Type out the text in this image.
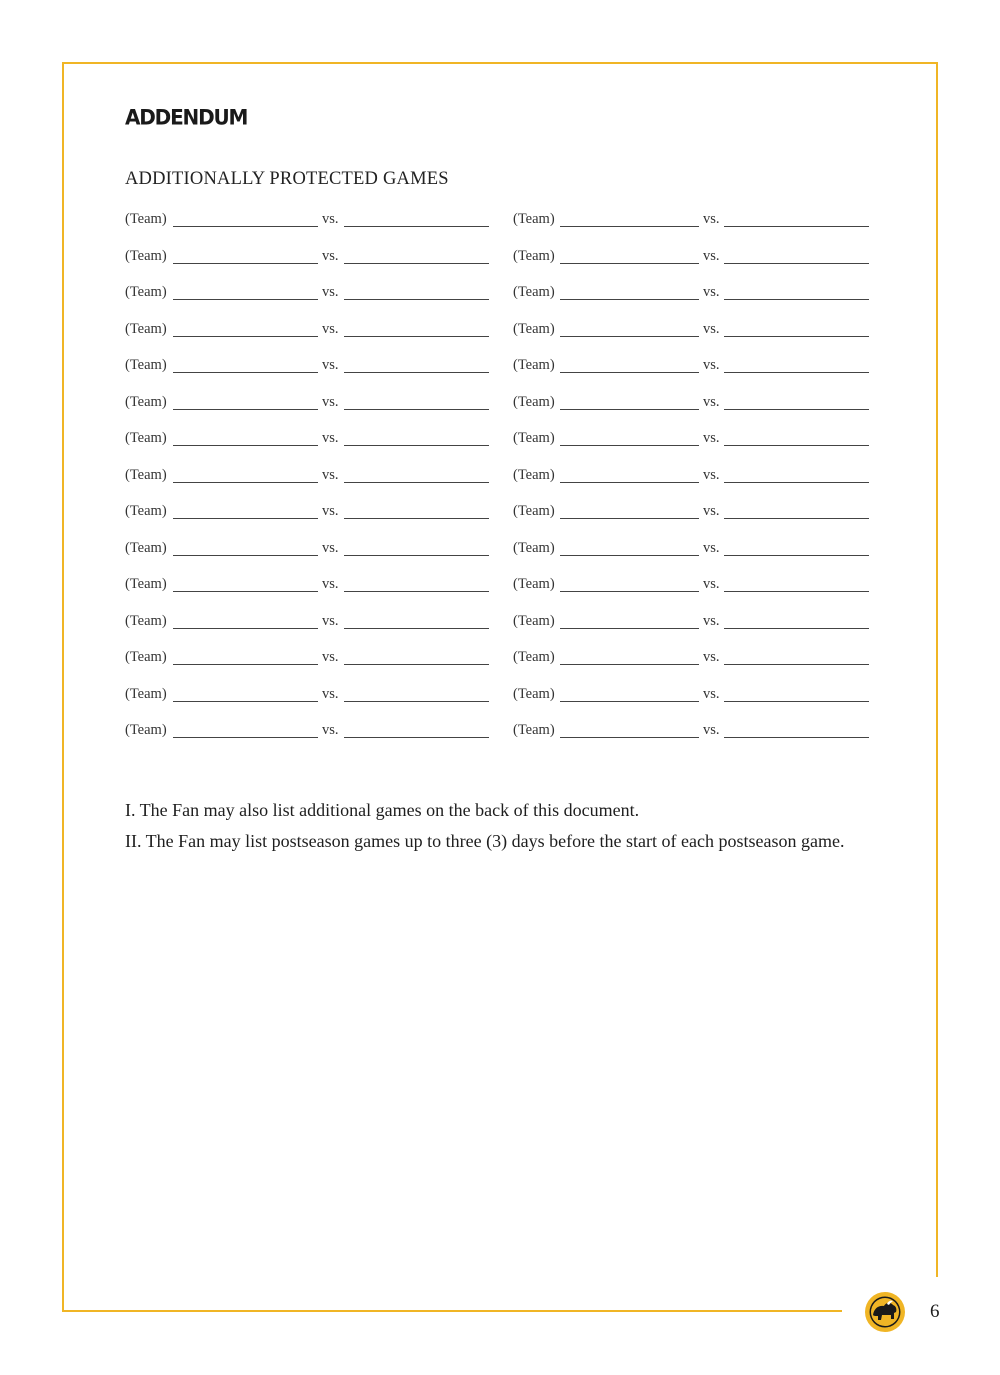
ADDENDUM
ADDITIONALLY PROTECTED GAMES
(Team)	vs.	(Team)	vs.
(Team)	vs.	(Team)	vs.
(Team)	vs.	(Team)	vs.
(Team)	vs.	(Team)	vs.
(Team)	vs.	(Team)	vs.
(Team)	vs.	(Team)	vs.
(Team)	vs.	(Team)	vs.
(Team)	vs.	(Team)	vs.
(Team)	vs.	(Team)	vs.
(Team)	vs.	(Team)	vs.
(Team)	vs.	(Team)	vs.
(Team)	vs.	(Team)	vs.
(Team)	vs.	(Team)	vs.
(Team)	vs.	(Team)	vs.
(Team)	vs.	(Team)	vs.
I. The Fan may also list additional games on the back of this document.
II. The Fan may list postseason games up to three (3) days before the start of each postseason game.
6
